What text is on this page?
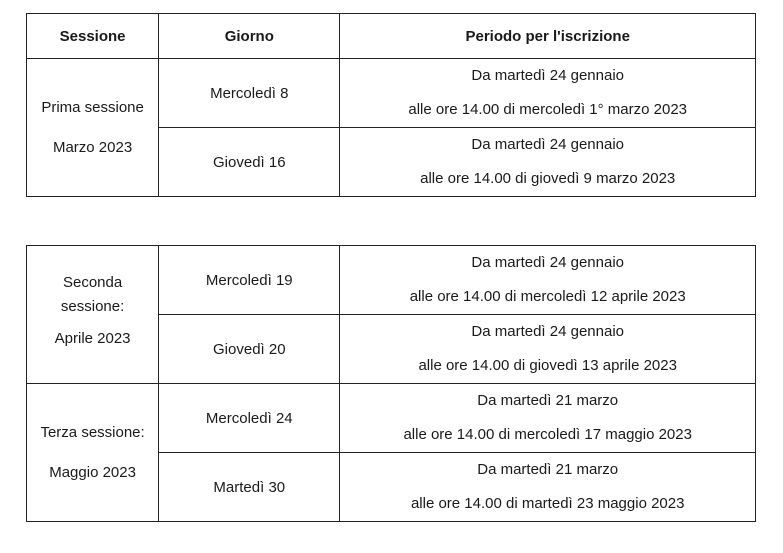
Sessione	Giorno	Periodo per l'iscrizione

Prima sessione
Marzo 2023	Mercoledì 8	Da martedì 24 gennaio
alle ore 14.00 di mercoledì 1° marzo 2023

	Giovedì 16	Da martedì 24 gennaio
alle ore 14.00 di giovedì 9 marzo 2023
Seconda
sessione:
Aprile 2023	Mercoledì 19	Da martedì 24 gennaio
alle ore 14.00 di mercoledì 12 aprile 2023

	Giovedì 20	Da martedì 24 gennaio
alle ore 14.00 di giovedì 13 aprile 2023

Terza sessione:
Maggio 2023	Mercoledì 24	Da martedì 21 marzo
alle ore 14.00 di mercoledì 17 maggio 2023

	Martedì 30	Da martedì 21 marzo
alle ore 14.00 di martedì 23 maggio 2023
